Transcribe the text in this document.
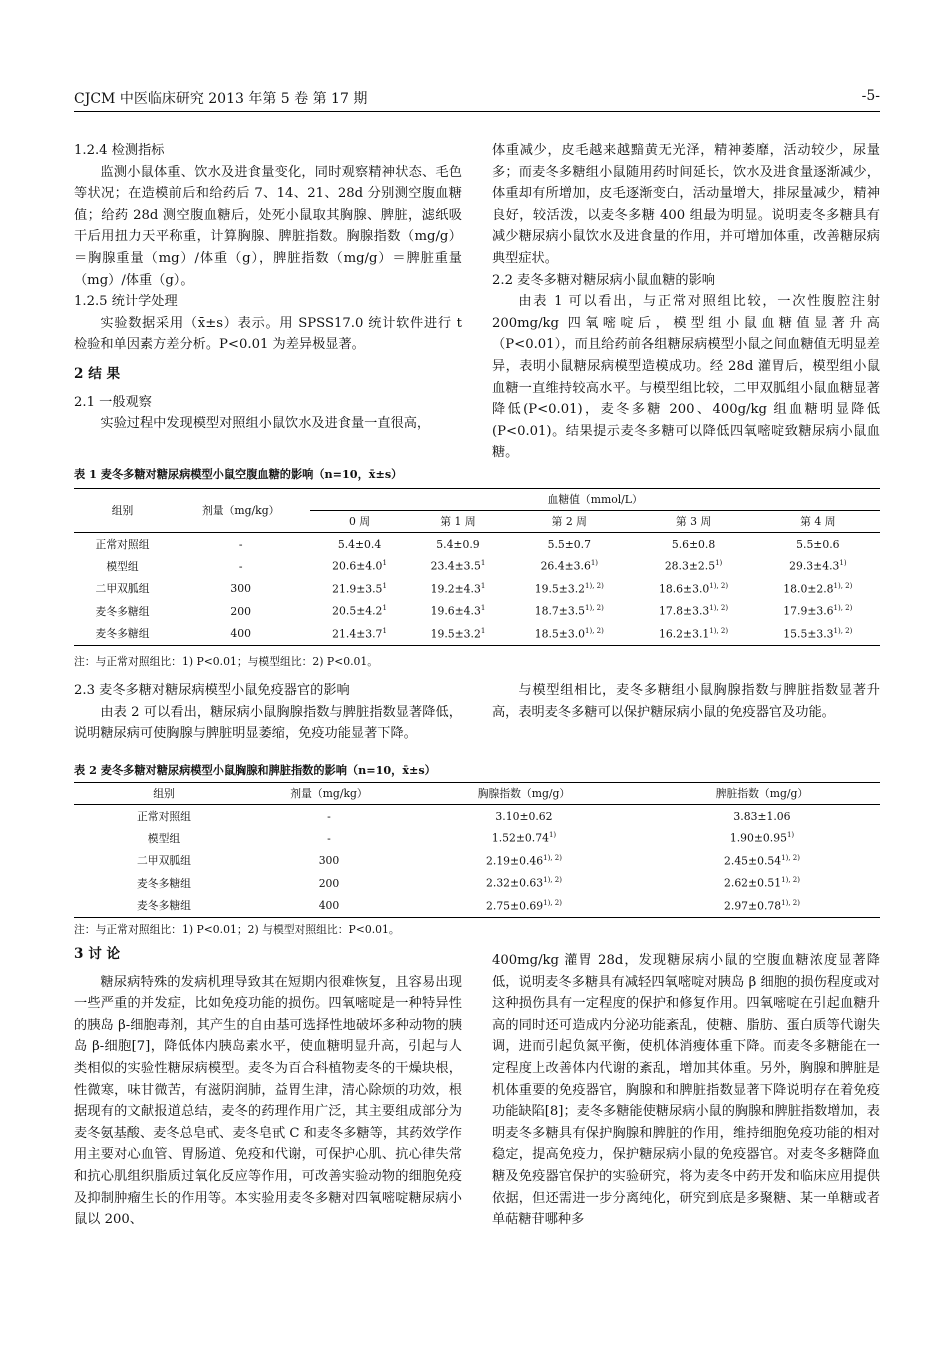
CJCM 中医临床研究 2013 年第 5 卷 第 17 期	-5-

1.2.4 检测指标

监测小鼠体重、饮水及进食量变化，同时观察精神状态、毛色等状况；在造模前后和给药后 7、14、21、28d 分别测空腹血糖值；给药 28d 测空腹血糖后，处死小鼠取其胸腺、脾脏，滤纸吸干后用扭力天平称重，计算胸腺、脾脏指数。胸腺指数（mg/g）＝胸腺重量（mg）/体重（g），脾脏指数（mg/g）＝脾脏重量（mg）/体重（g）。

1.2.5 统计学处理

实验数据采用（x̄±s）表示。用 SPSS17.0 统计软件进行 t 检验和单因素方差分析。P<0.01 为差异极显著。

2 结 果

2.1 一般观察

实验过程中发现模型对照组小鼠饮水及进食量一直很高，

体重减少，皮毛越来越黯黄无光泽，精神萎靡，活动较少，尿量多；而麦冬多糖组小鼠随用药时间延长，饮水及进食量逐渐减少，体重却有所增加，皮毛逐渐变白，活动量增大，排尿量减少，精神良好，较活泼，以麦冬多糖 400 组最为明显。说明麦冬多糖具有减少糖尿病小鼠饮水及进食量的作用，并可增加体重，改善糖尿病典型症状。

2.2 麦冬多糖对糖尿病小鼠血糖的影响

由表 1 可以看出，与正常对照组比较，一次性腹腔注射 200mg/kg 四氧嘧啶后，模型组小鼠血糖值显著升高（P<0.01），而且给药前各组糖尿病模型小鼠之间血糖值无明显差异，表明小鼠糖尿病模型造模成功。经 28d 灌胃后，模型组小鼠血糖一直维持较高水平。与模型组比较，二甲双胍组小鼠血糖显著降低(P<0.01)，麦冬多糖 200、400g/kg 组血糖明显降低(P<0.01)。结果提示麦冬多糖可以降低四氧嘧啶致糖尿病小鼠血糖。

表 1 麦冬多糖对糖尿病模型小鼠空腹血糖的影响（n=10，x̄±s）
组别	剂量（mg/kg）	血糖值（mmol/L）				
		0 周	第 1 周	第 2 周	第 3 周	第 4 周
正常对照组	-	5.4±0.4	5.4±0.9	5.5±0.7	5.6±0.8	5.5±0.6
模型组	-	$20.6\pm 4.0^1$	$23.4\pm 3.5^1$	$26.4\pm 3.6^{1)}$	$28.3\pm 2.5^{1)}$	$29.3\pm 4.3^{1)}$
二甲双胍组	300	$21.9\pm 3.5^1$	$19.2\pm 4.3^1$	$19.5\pm 3.2^{1), 2)}$	$18.6\pm 3.0^{1), 2)}$	$18.0\pm 2.8^{1), 2)}$
麦冬多糖组	200	$20.5\pm 4.2^1$	$19.6\pm 4.3^1$	$18.7\pm 3.5^{1), 2)}$	$17.8\pm 3.3^{1), 2)}$	$17.9\pm 3.6^{1), 2)}$
麦冬多糖组	400	$21.4\pm 3.7^1$	$19.5\pm 3.2^1$	$18.5\pm 3.0^{1), 2)}$	$16.2\pm 3.1^{1), 2)}$	$15.5\pm 3.3^{1), 2)}$
注：与正常对照组比：1) P<0.01；与模型组比：2) P<0.01。

2.3 麦冬多糖对糖尿病模型小鼠免疫器官的影响

由表 2 可以看出，糖尿病小鼠胸腺指数与脾脏指数显著降低，说明糖尿病可使胸腺与脾脏明显萎缩，免疫功能显著下降。

与模型组相比，麦冬多糖组小鼠胸腺指数与脾脏指数显著升高，表明麦冬多糖可以保护糖尿病小鼠的免疫器官及功能。

表 2 麦冬多糖对糖尿病模型小鼠胸腺和脾脏指数的影响（n=10，x̄±s）
组别	剂量（mg/kg）	胸腺指数（mg/g）	脾脏指数（mg/g）
正常对照组	-	3.10±0.62	3.83±1.06
模型组	-	$1.52\pm 0.74^{1)}$	$1.90\pm 0.95^{1)}$
二甲双胍组	300	$2.19\pm 0.46^{1), 2)}$	$2.45\pm 0.54^{1), 2)}$
麦冬多糖组	200	$2.32\pm 0.63^{1), 2)}$	$2.62\pm 0.51^{1), 2)}$
麦冬多糖组	400	$2.75\pm 0.69^{1), 2)}$	$2.97\pm 0.78^{1), 2)}$
注：与正常对照组比：1) P<0.01；2) 与模型对照组比：P<0.01。

3 讨 论

糖尿病特殊的发病机理导致其在短期内很难恢复，且容易出现一些严重的并发症，比如免疫功能的损伤。四氧嘧啶是一种特异性的胰岛 β-细胞毒剂，其产生的自由基可选择性地破坏多种动物的胰岛 β-细胞[7]，降低体内胰岛素水平，使血糖明显升高，引起与人类相似的实验性糖尿病模型。麦冬为百合科植物麦冬的干燥块根，性微寒，味甘微苦，有滋阴润肺，益胃生津，清心除烦的功效，根据现有的文献报道总结，麦冬的药理作用广泛，其主要组成部分为麦冬氨基酸、麦冬总皂甙、麦冬皂甙 C 和麦冬多糖等，其药效学作用主要对心血管、胃肠道、免疫和代谢，可保护心肌、抗心律失常和抗心肌组织脂质过氧化反应等作用，可改善实验动物的细胞免疫及抑制肿瘤生长的作用等。本实验用麦冬多糖对四氧嘧啶糖尿病小鼠以 200、

400mg/kg 灌胃 28d，发现糖尿病小鼠的空腹血糖浓度显著降低，说明麦冬多糖具有减轻四氧嘧啶对胰岛 β 细胞的损伤程度或对这种损伤具有一定程度的保护和修复作用。四氧嘧啶在引起血糖升高的同时还可造成内分泌功能紊乱，使糖、脂肪、蛋白质等代谢失调，进而引起负氮平衡，使机体消瘦体重下降。而麦冬多糖能在一定程度上改善体内代谢的紊乱，增加其体重。另外，胸腺和脾脏是机体重要的免疫器官，胸腺和和脾脏指数显著下降说明存在着免疫功能缺陷[8]；麦冬多糖能使糖尿病小鼠的胸腺和脾脏指数增加，表明麦冬多糖具有保护胸腺和脾脏的作用，维持细胞免疫功能的相对稳定，提高免疫力，保护糖尿病小鼠的免疫器官。对麦冬多糖降血糖及免疫器官保护的实验研究，将为麦冬中药开发和临床应用提供依据，但还需进一步分离纯化，研究到底是多聚糖、某一单糖或者单萜糖苷哪种多
